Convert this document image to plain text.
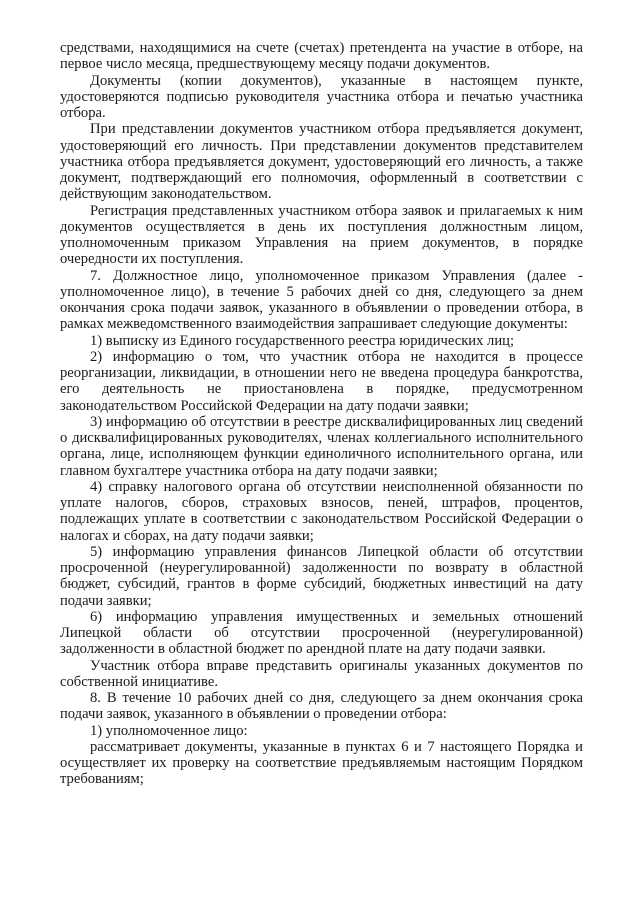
средствами, находящимися на счете (счетах) претендента на участие в отборе, на первое число месяца, предшествующему месяцу подачи документов.

Документы (копии документов), указанные в настоящем пункте, удостоверяются подписью руководителя участника отбора и печатью участника отбора.

При представлении документов участником отбора предъявляется документ, удостоверяющий его личность. При представлении документов представителем участника отбора предъявляется документ, удостоверяющий его личность, а также документ, подтверждающий его полномочия, оформленный в соответствии с действующим законодательством.

Регистрация представленных участником отбора заявок и прилагаемых к ним документов осуществляется в день их поступления должностным лицом, уполномоченным приказом Управления на прием документов, в порядке очередности их поступления.

7. Должностное лицо, уполномоченное приказом Управления (далее - уполномоченное лицо), в течение 5 рабочих дней со дня, следующего за днем окончания срока подачи заявок, указанного в объявлении о проведении отбора, в рамках межведомственного взаимодействия запрашивает следующие документы:

1) выписку из Единого государственного реестра юридических лиц;

2) информацию о том, что участник отбора не находится в процессе реорганизации, ликвидации, в отношении него не введена процедура банкротства, его деятельность не приостановлена в порядке, предусмотренном законодательством Российской Федерации на дату подачи заявки;

3) информацию об отсутствии в реестре дисквалифицированных лиц сведений о дисквалифицированных руководителях, членах коллегиального исполнительного органа, лице, исполняющем функции единоличного исполнительного органа, или главном бухгалтере участника отбора на дату подачи заявки;

4) справку налогового органа об отсутствии неисполненной обязанности по уплате налогов, сборов, страховых взносов, пеней, штрафов, процентов, подлежащих уплате в соответствии с законодательством Российской Федерации о налогах и сборах, на дату подачи заявки;

5) информацию управления финансов Липецкой области об отсутствии просроченной (неурегулированной) задолженности по возврату в областной бюджет, субсидий, грантов в форме субсидий, бюджетных инвестиций на дату подачи заявки;

6) информацию управления имущественных и земельных отношений Липецкой области об отсутствии просроченной (неурегулированной) задолженности в областной бюджет по арендной плате на дату подачи заявки.

Участник отбора вправе представить оригиналы указанных документов по собственной инициативе.

8. В течение 10 рабочих дней со дня, следующего за днем окончания срока подачи заявок, указанного в объявлении о проведении отбора:

1) уполномоченное лицо:

рассматривает документы, указанные в пунктах 6 и 7 настоящего Порядка и осуществляет их проверку на соответствие предъявляемым настоящим Порядком требованиям;
